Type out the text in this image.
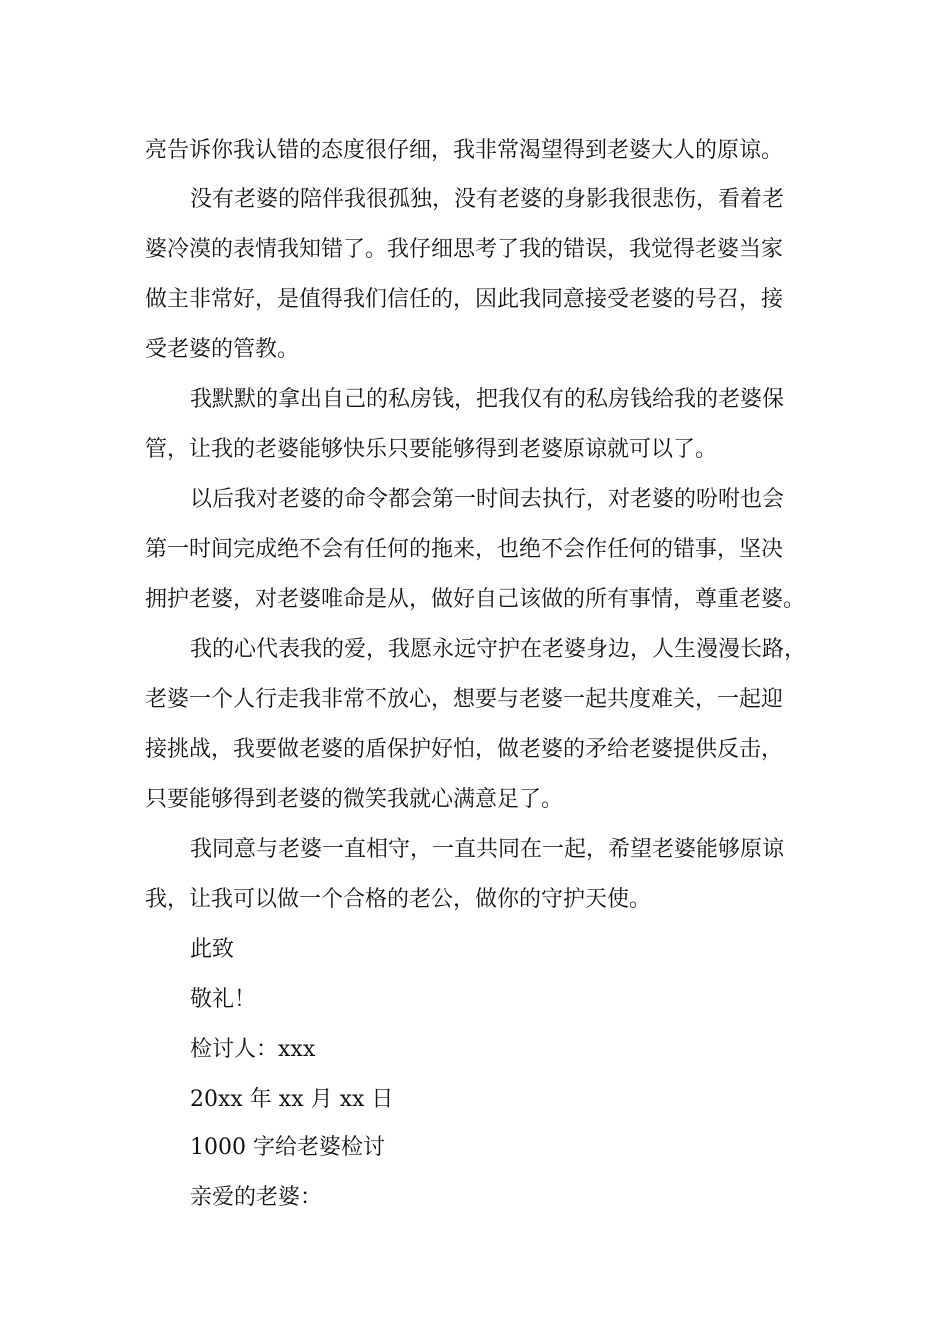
亮告诉你我认错的态度很仔细，我非常渴望得到老婆大人的原谅。

没有老婆的陪伴我很孤独，没有老婆的身影我很悲伤，看着老

婆冷漠的表情我知错了。我仔细思考了我的错误，我觉得老婆当家

做主非常好，是值得我们信任的，因此我同意接受老婆的号召，接

受老婆的管教。

我默默的拿出自己的私房钱，把我仅有的私房钱给我的老婆保

管，让我的老婆能够快乐只要能够得到老婆原谅就可以了。

以后我对老婆的命令都会第一时间去执行，对老婆的吩咐也会

第一时间完成绝不会有任何的拖来，也绝不会作任何的错事，坚决

拥护老婆，对老婆唯命是从，做好自己该做的所有事情，尊重老婆。

我的心代表我的爱，我愿永远守护在老婆身边，人生漫漫长路，

老婆一个人行走我非常不放心，想要与老婆一起共度难关，一起迎

接挑战，我要做老婆的盾保护好怕，做老婆的矛给老婆提供反击，

只要能够得到老婆的微笑我就心满意足了。

我同意与老婆一直相守，一直共同在一起，希望老婆能够原谅

我，让我可以做一个合格的老公，做你的守护天使。

此致

敬礼！

检讨人：xxx

20xx 年 xx 月 xx 日

1000 字给老婆检讨

亲爱的老婆：
